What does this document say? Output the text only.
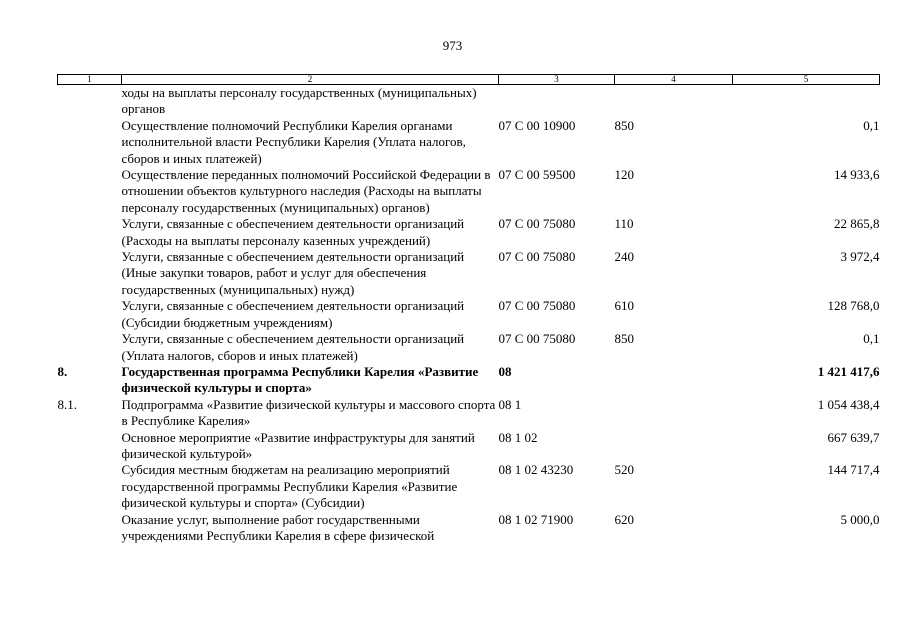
973
1	2	3	4	5
	ходы на выплаты персоналу государственных (муниципальных) органов			
	Осуществление полномочий Республики Карелия органами исполнительной власти Республики Карелия (Уплата налогов, сборов и иных платежей)	07 С 00 10900	850	0,1
	Осуществление переданных полномочий Российской Федерации в отношении объектов культурного наследия (Расходы на выплаты персоналу государственных (муниципальных) органов)	07 С 00 59500	120	14 933,6
	Услуги, связанные с обеспечением деятельности организаций (Расходы на выплаты персоналу казенных учреждений)	07 С 00 75080	110	22 865,8
	Услуги, связанные с обеспечением деятельности организаций (Иные закупки товаров, работ и услуг для обеспечения государственных (муниципальных) нужд)	07 С 00 75080	240	3 972,4
	Услуги, связанные с обеспечением деятельности организаций (Субсидии бюджетным учреждениям)	07 С 00 75080	610	128 768,0
	Услуги, связанные с обеспечением деятельности организаций (Уплата налогов, сборов и иных платежей)	07 С 00 75080	850	0,1
8.	Государственная программа Республики Карелия «Развитие физической культуры и спорта»	08		1 421 417,6
8.1.	Подпрограмма «Развитие физической культуры и массового спорта в Республике Карелия»	08 1		1 054 438,4
	Основное мероприятие «Развитие инфраструктуры для занятий физической культурой»	08 1 02		667 639,7
	Субсидия местным бюджетам на реализацию мероприятий государственной программы Республики Карелия «Развитие физической культуры и спорта» (Субсидии)	08 1 02 43230	520	144 717,4
	Оказание услуг, выполнение работ государственными учреждениями Республики Карелия в сфере физической	08 1 02 71900	620	5 000,0
